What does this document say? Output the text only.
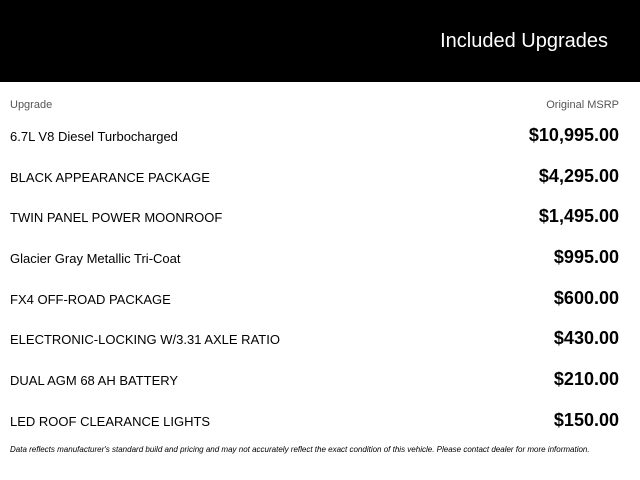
Included Upgrades
Upgrade	Original MSRP
6.7L V8 Diesel Turbocharged	$10,995.00
BLACK APPEARANCE PACKAGE	$4,295.00
TWIN PANEL POWER MOONROOF	$1,495.00
Glacier Gray Metallic Tri-Coat	$995.00
FX4 OFF-ROAD PACKAGE	$600.00
ELECTRONIC-LOCKING W/3.31 AXLE RATIO	$430.00
DUAL AGM 68 AH BATTERY	$210.00
LED ROOF CLEARANCE LIGHTS	$150.00
Data reflects manufacturer's standard build and pricing and may not accurately reflect the exact condition of this vehicle. Please contact dealer for more information.
